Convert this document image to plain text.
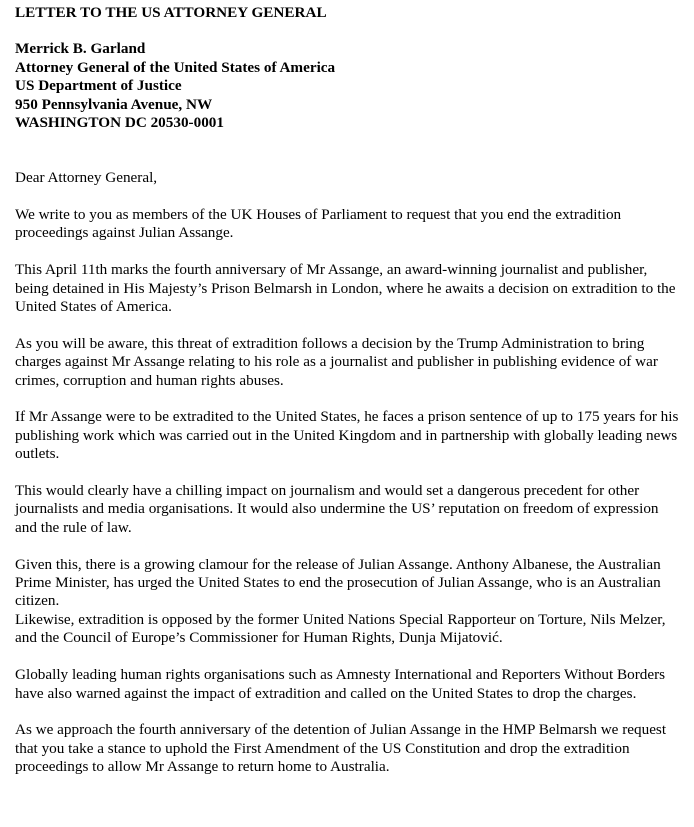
LETTER TO THE US ATTORNEY GENERAL
Merrick B. Garland
Attorney General of the United States of America
US Department of Justice
950 Pennsylvania Avenue, NW
WASHINGTON DC 20530-0001
Dear Attorney General,

We write to you as members of the UK Houses of Parliament to request that you end the extradition proceedings against Julian Assange.

This April 11th marks the fourth anniversary of Mr Assange, an award-winning journalist and publisher, being detained in His Majesty’s Prison Belmarsh in London, where he awaits a decision on extradition to the United States of America.

As you will be aware, this threat of extradition follows a decision by the Trump Administration to bring charges against Mr Assange relating to his role as a journalist and publisher in publishing evidence of war crimes, corruption and human rights abuses.

If Mr Assange were to be extradited to the United States, he faces a prison sentence of up to 175 years for his publishing work which was carried out in the United Kingdom and in partnership with globally leading news outlets.

This would clearly have a chilling impact on journalism and would set a dangerous precedent for other journalists and media organisations. It would also undermine the US’ reputation on freedom of expression and the rule of law.

Given this, there is a growing clamour for the release of Julian Assange. Anthony Albanese, the Australian Prime Minister, has urged the United States to end the prosecution of Julian Assange, who is an Australian citizen.

Likewise, extradition is opposed by the former United Nations Special Rapporteur on Torture, Nils Melzer, and the Council of Europe’s Commissioner for Human Rights, Dunja Mijatović.

Globally leading human rights organisations such as Amnesty International and Reporters Without Borders have also warned against the impact of extradition and called on the United States to drop the charges.

As we approach the fourth anniversary of the detention of Julian Assange in the HMP Belmarsh we request that you take a stance to uphold the First Amendment of the US Constitution and drop the extradition proceedings to allow Mr Assange to return home to Australia.
